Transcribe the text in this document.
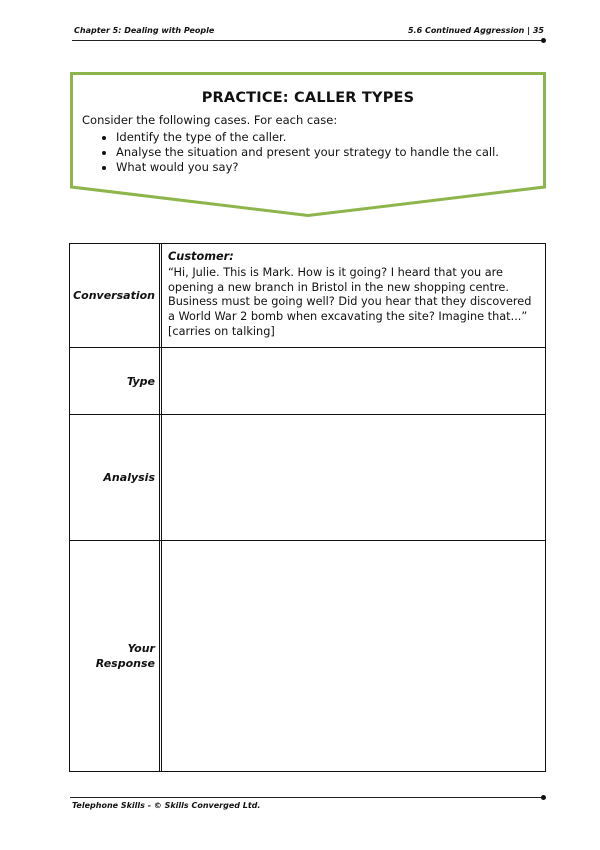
Chapter 5: Dealing with People	5.6 Continued Aggression | 35
PRACTICE: CALLER TYPES
Consider the following cases. For each case:
• Identify the type of the caller.
• Analyse the situation and present your strategy to handle the call.
• What would you say?
Conversation
Customer:
“Hi, Julie. This is Mark. How is it going? I heard that you are opening a new branch in Bristol in the new shopping centre. Business must be going well? Did you hear that they discovered a World War 2 bomb when excavating the site? Imagine that...”
[carries on talking]
Type
Analysis
Your
Response
Telephone Skills - © Skills Converged Ltd.
